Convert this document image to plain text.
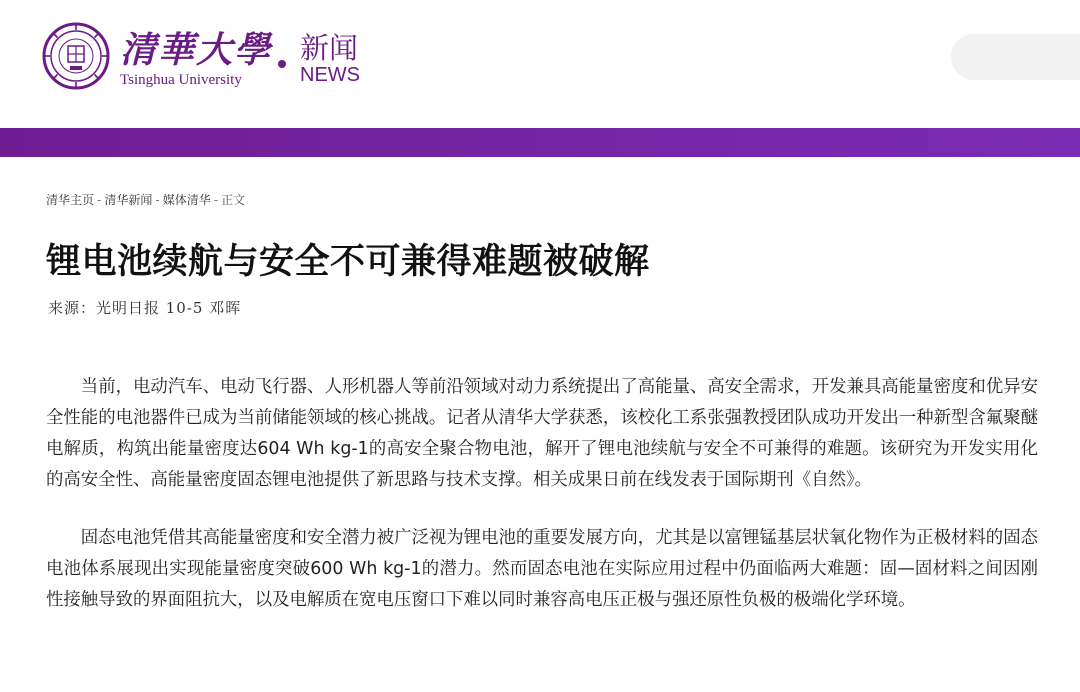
清華大學
Tsinghua University
新闻
NEWS
清华主页 - 清华新闻 - 媒体清华 - 正文
锂电池续航与安全不可兼得难题被破解
来源：光明日报 10-5 邓晖

当前，电动汽车、电动飞行器、人形机器人等前沿领域对动力系统提出了高能量、高安全需求，开发兼具高能量密度和优异安全性能的电池器件已成为当前储能领域的核心挑战。记者从清华大学获悉，该校化工系张强教授团队成功开发出一种新型含氟聚醚电解质，构筑出能量密度达604 Wh kg-1的高安全聚合物电池，解开了锂电池续航与安全不可兼得的难题。该研究为开发实用化的高安全性、高能量密度固态锂电池提供了新思路与技术支撑。相关成果日前在线发表于国际期刊《自然》。

固态电池凭借其高能量密度和安全潜力被广泛视为锂电池的重要发展方向，尤其是以富锂锰基层状氧化物作为正极材料的固态电池体系展现出实现能量密度突破600 Wh kg-1的潜力。然而固态电池在实际应用过程中仍面临两大难题：固—固材料之间因刚性接触导致的界面阻抗大，以及电解质在宽电压窗口下难以同时兼容高电压正极与强还原性负极的极端化学环境。
